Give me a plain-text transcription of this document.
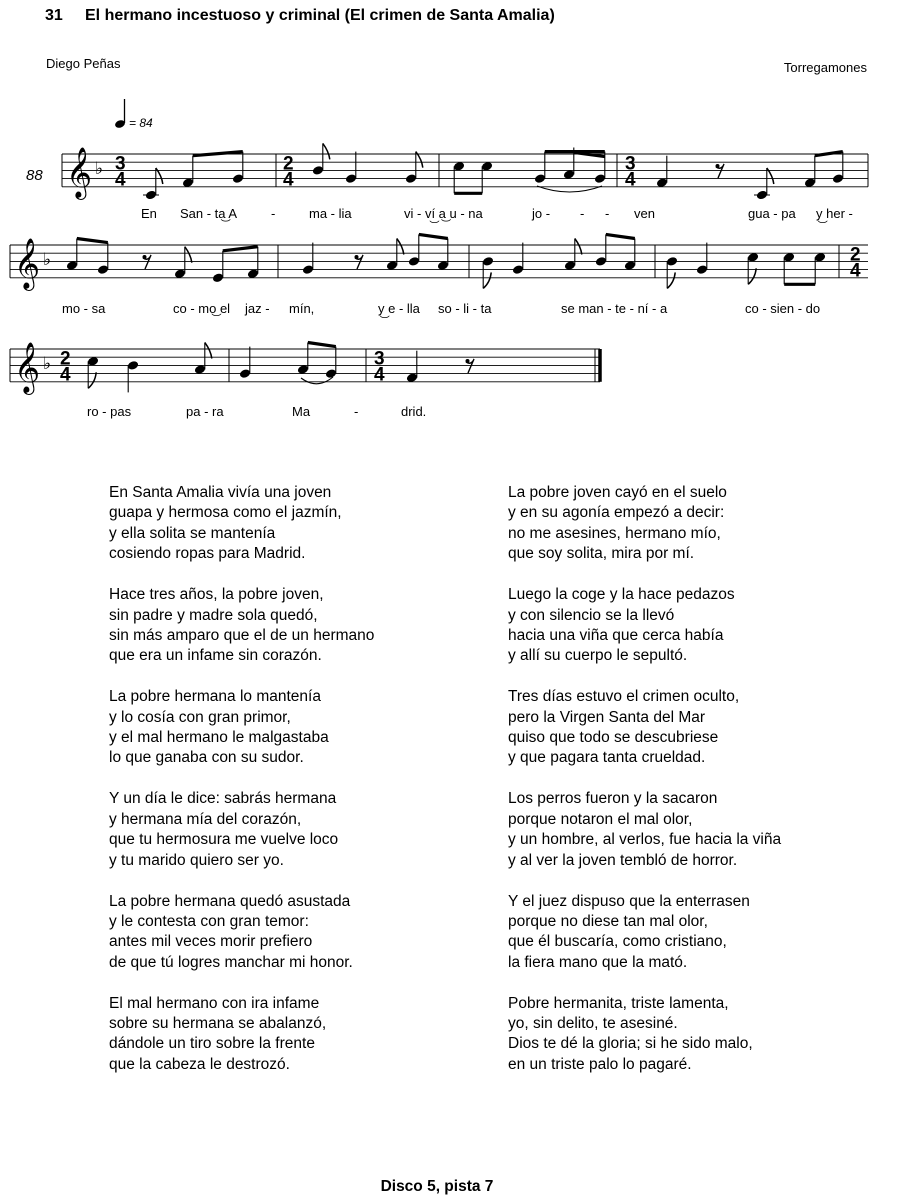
31 El hermano incestuoso y criminal (El crimen de Santa Amalia)
Diego Peñas	Torregamones
= 84
88 𝄞 ♭ 3
4
2
4
3
4
𝄞 ♭	2
4
𝄞 ♭ 2
4
3
4
En San - ta͜ A	-	ma - lia	vi - ví͜ a͜ u - na	jo - - - ven	gua - pa y͜ her -
mo - sa	co - mo͜ el jaz - mín,	y͜ e - lla so - li - ta	se man - te - ní - a	co - sien - do
ro - pas	pa - ra	Ma	-	drid.
En Santa Amalia vivía una joven
guapa y hermosa como el jazmín,
y ella solita se mantenía
cosiendo ropas para Madrid.
Hace tres años, la pobre joven,
sin padre y madre sola quedó,
sin más amparo que el de un hermano
que era un infame sin corazón.
La pobre hermana lo mantenía
y lo cosía con gran primor,
y el mal hermano le malgastaba
lo que ganaba con su sudor.
Y un día le dice: sabrás hermana
y hermana mía del corazón,
que tu hermosura me vuelve loco
y tu marido quiero ser yo.
La pobre hermana quedó asustada
y le contesta con gran temor:
antes mil veces morir prefiero
de que tú logres manchar mi honor.
El mal hermano con ira infame
sobre su hermana se abalanzó,
dándole un tiro sobre la frente
que la cabeza le destrozó.
La pobre joven cayó en el suelo
y en su agonía empezó a decir:
no me asesines, hermano mío,
que soy solita, mira por mí.
Luego la coge y la hace pedazos
y con silencio se la llevó
hacia una viña que cerca había
y allí su cuerpo le sepultó.
Tres días estuvo el crimen oculto,
pero la Virgen Santa del Mar
quiso que todo se descubriese
y que pagara tanta crueldad.
Los perros fueron y la sacaron
porque notaron el mal olor,
y un hombre, al verlos, fue hacia la viña
y al ver la joven tembló de horror.
Y el juez dispuso que la enterrasen
porque no diese tan mal olor,
que él buscaría, como cristiano,
la fiera mano que la mató.
Pobre hermanita, triste lamenta,
yo, sin delito, te asesiné.
Dios te dé la gloria; si he sido malo,
en un triste palo lo pagaré.
Disco 5, pista 7
